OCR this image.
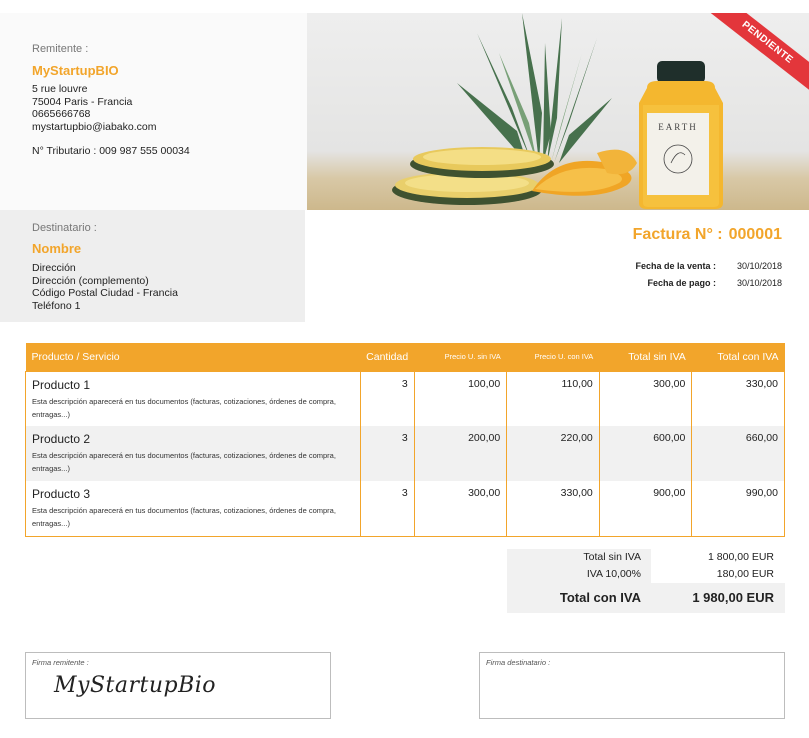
Remitente :
MyStartupBIO
5 rue louvre
75004 Paris - Francia
0665666768
mystartupbio@iabako.com
N° Tributario : 009 987 555 00034
EARTH
PENDIENTE
Destinatario :
Nombre
Dirección
Dirección (complemento)
Código Postal Ciudad - Francia
Teléfono 1
Factura N° : 000001
Fecha de la venta : 30/10/2018
Fecha de pago : 30/10/2018
Producto / Servicio	Cantidad	Precio U. sin IVA	Precio U. con IVA	Total sin IVA	Total con IVA

Producto 1
Esta descripción aparecerá en tus documentos (facturas, cotizaciones, órdenes de compra, entragas...)	3	100,00	110,00	300,00	330,00

Producto 2
Esta descripción aparecerá en tus documentos (facturas, cotizaciones, órdenes de compra, entragas...)	3	200,00	220,00	600,00	660,00

Producto 3
Esta descripción aparecerá en tus documentos (facturas, cotizaciones, órdenes de compra, entragas...)	3	300,00	330,00	900,00	990,00
Total sin IVA	1 800,00 EUR
IVA 10,00%	180,00 EUR
Total con IVA	1 980,00 EUR
Firma remitente :
MyStartupBio
Firma destinatario :
